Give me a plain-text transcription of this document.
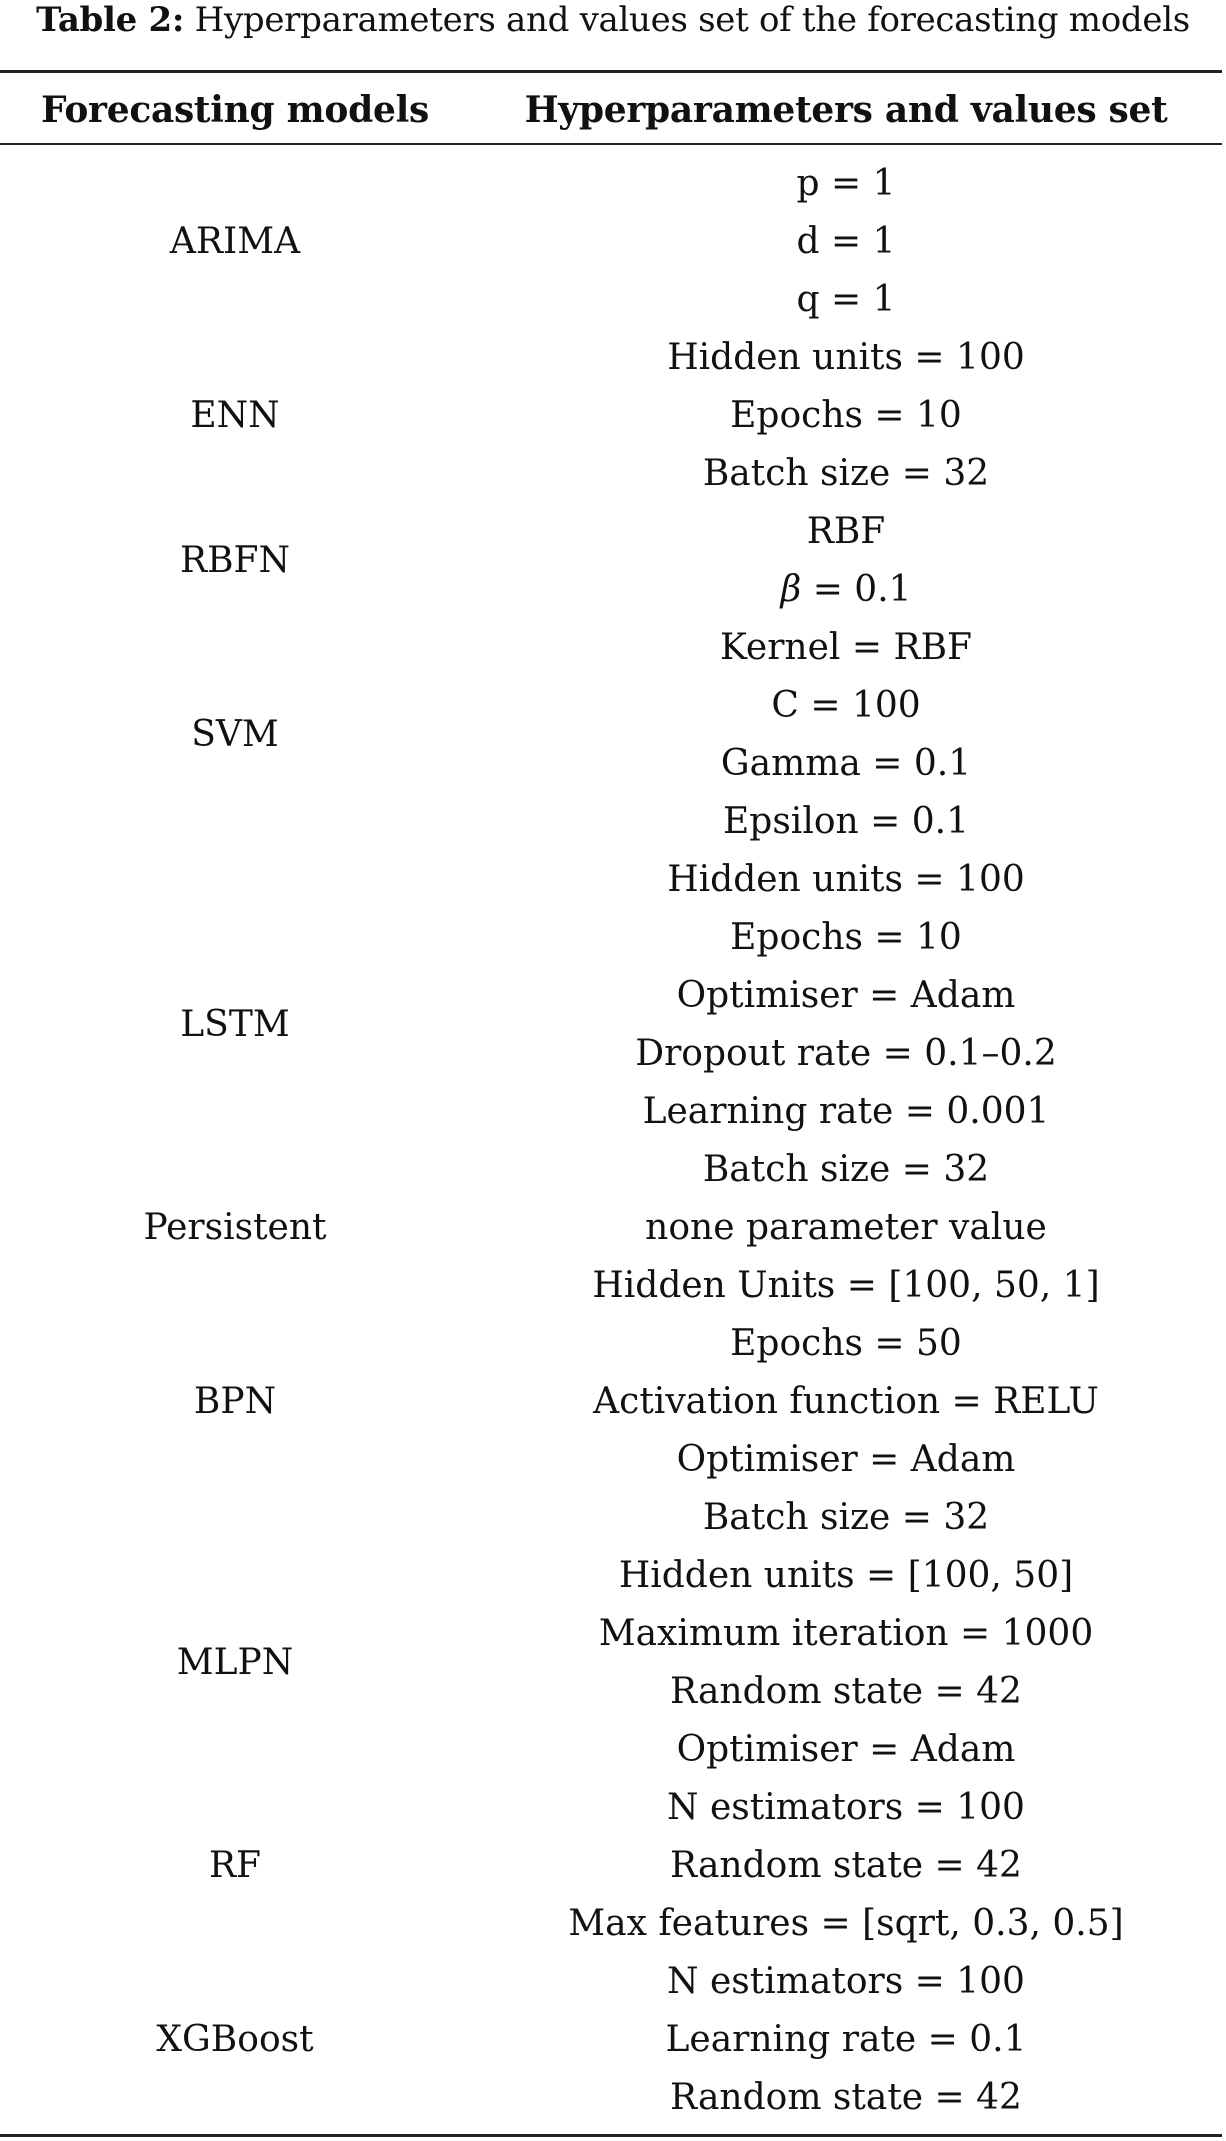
Table 2: Hyperparameters and values set of the forecasting models
Forecasting models	Hyperparameters and values set
ARIMA
p = 1
d = 1
q = 1
ENN
Hidden units = 100
Epochs = 10
Batch size = 32
RBFN
RBF
β = 0.1
SVM
Kernel = RBF
C = 100
Gamma = 0.1
Epsilon = 0.1
LSTM
Hidden units = 100
Epochs = 10
Optimiser = Adam
Dropout rate = 0.1–0.2
Learning rate = 0.001
Batch size = 32
Persistent	none parameter value
BPN
Hidden Units = [100, 50, 1]
Epochs = 50
Activation function = RELU
Optimiser = Adam
Batch size = 32
MLPN
Hidden units = [100, 50]
Maximum iteration = 1000
Random state = 42
Optimiser = Adam
RF
N estimators = 100
Random state = 42
Max features = [sqrt, 0.3, 0.5]
XGBoost
N estimators = 100
Learning rate = 0.1
Random state = 42
